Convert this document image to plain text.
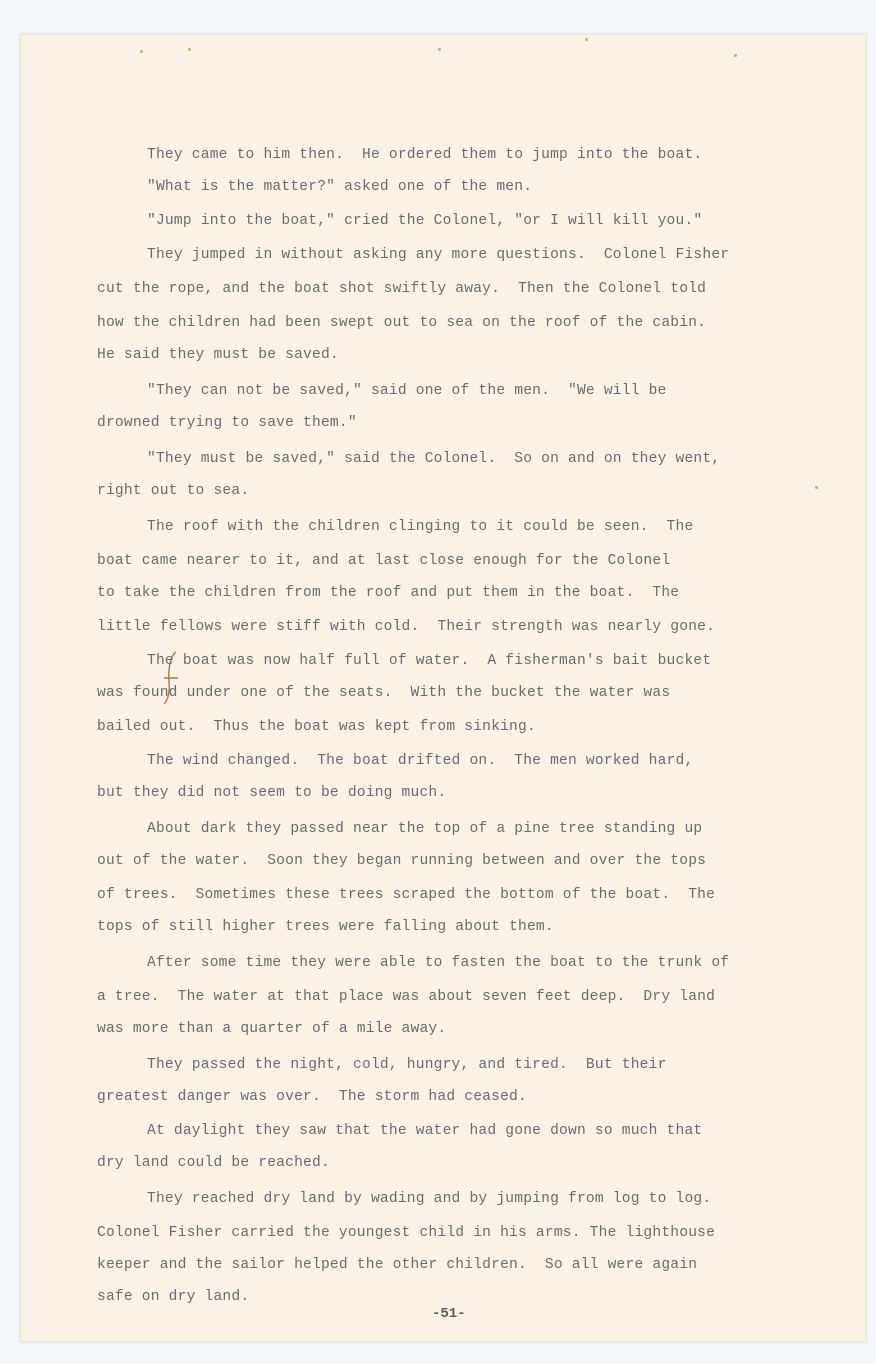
They came to him then.  He ordered them to jump into the boat.
"What is the matter?" asked one of the men.
"Jump into the boat," cried the Colonel, "or I will kill you."
They jumped in without asking any more questions.  Colonel Fisher
cut the rope, and the boat shot swiftly away.  Then the Colonel told
how the children had been swept out to sea on the roof of the cabin.
He said they must be saved.
"They can not be saved," said one of the men.  "We will be
drowned trying to save them."
"They must be saved," said the Colonel.  So on and on they went,
right out to sea.
The roof with the children clinging to it could be seen.  The
boat came nearer to it, and at last close enough for the Colonel
to take the children from the roof and put them in the boat.  The
little fellows were stiff with cold.  Their strength was nearly gone.
The boat was now half full of water.  A fisherman's bait bucket
was found under one of the seats.  With the bucket the water was
bailed out.  Thus the boat was kept from sinking.
The wind changed.  The boat drifted on.  The men worked hard,
but they did not seem to be doing much.
About dark they passed near the top of a pine tree standing up
out of the water.  Soon they began running between and over the tops
of trees.  Sometimes these trees scraped the bottom of the boat.  The
tops of still higher trees were falling about them.
After some time they were able to fasten the boat to the trunk of
a tree.  The water at that place was about seven feet deep.  Dry land
was more than a quarter of a mile away.
They passed the night, cold, hungry, and tired.  But their
greatest danger was over.  The storm had ceased.
At daylight they saw that the water had gone down so much that
dry land could be reached.
They reached dry land by wading and by jumping from log to log.
Colonel Fisher carried the youngest child in his arms. The lighthouse
keeper and the sailor helped the other children.  So all were again
safe on dry land.
-51-
